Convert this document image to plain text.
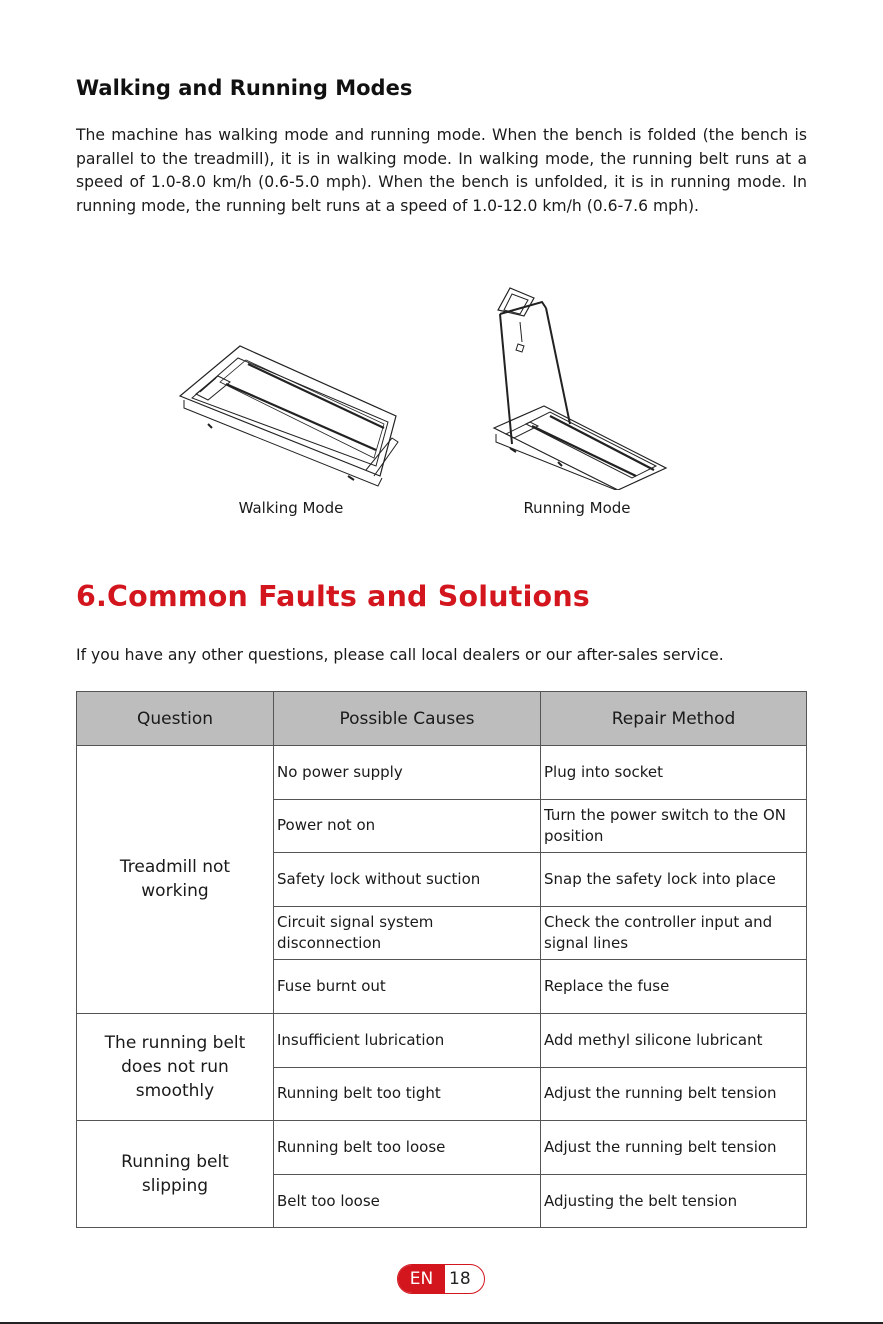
Walking and Running Modes

The machine has walking mode and running mode. When the bench is folded (the bench is parallel to the treadmill), it is in walking mode. In walking mode, the running belt runs at a speed of 1.0-8.0 km/h (0.6-5.0 mph). When the bench is unfolded, it is in running mode. In running mode, the running belt runs at a speed of 1.0-12.0 km/h (0.6-7.6 mph).

Walking Mode	Running Mode
6.Common Faults and Solutions
If you have any other questions, please call local dealers or our after-sales service.
Question	Possible Causes	Repair Method
Treadmill not working	No power supply	Plug into socket
	Power not on	Turn the power switch to the ON position
	Safety lock without suction	Snap the safety lock into place
	Circuit signal system disconnection	Check the controller input and signal lines
	Fuse burnt out	Replace the fuse
The running belt does not run smoothly	Insufficient lubrication	Add methyl silicone lubricant
	Running belt too tight	Adjust the running belt tension
Running belt slipping	Running belt too loose	Adjust the running belt tension
	Belt too loose	Adjusting the belt tension
EN 18
